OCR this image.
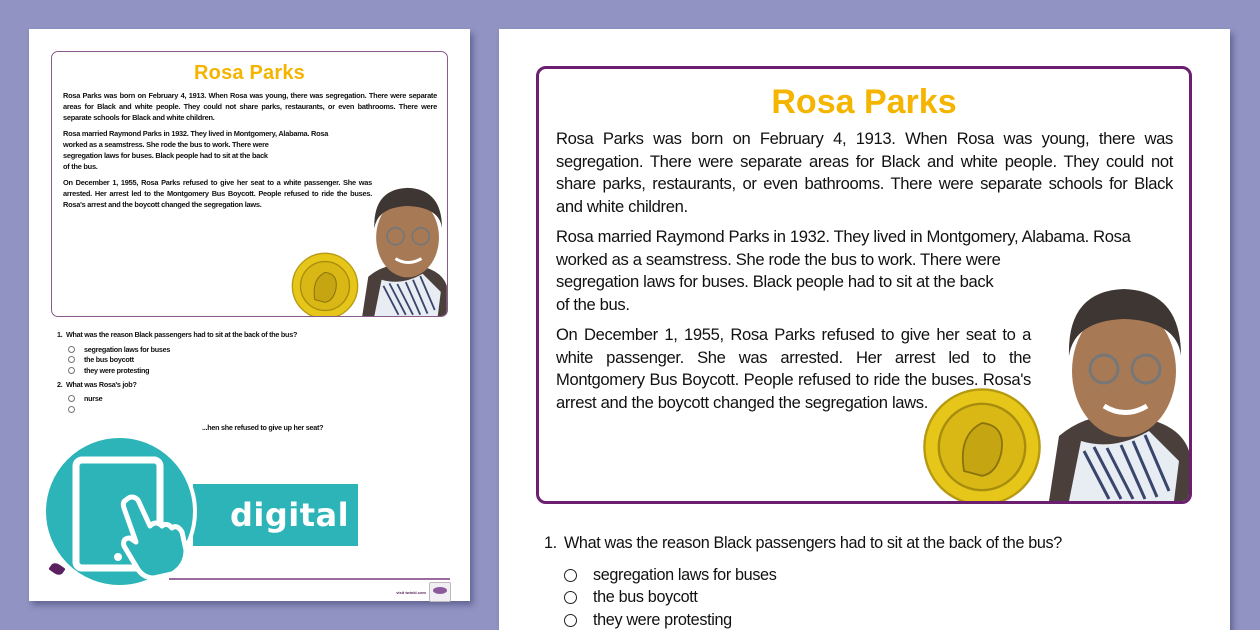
Rosa Parks
Rosa Parks was born on February 4, 1913. When Rosa was young, there was segregation. There were separate areas for Black and white people. They could not share parks, restaurants, or even bathrooms. There were separate schools for Black and white children.
Rosa married Raymond Parks in 1932. They lived in Montgomery, Alabama. Rosa
worked as a seamstress. She rode the bus to work. There were
segregation laws for buses. Black people had to sit at the back
of the bus.
On December 1, 1955, Rosa Parks refused to give her seat to a white passenger. She was arrested. Her arrest led to the Montgomery Bus Boycott. People refused to ride the buses. Rosa's arrest and the boycott changed the segregation laws.
1. What was the reason Black passengers had to sit at the back of the bus?
segregation laws for buses
the bus boycott
they were protesting
2. What was Rosa's job?
nurse
...hen she refused to give up her seat?
visit twinkl.com
digital
Rosa Parks
Rosa Parks was born on February 4, 1913. When Rosa was young, there was segregation. There were separate areas for Black and white people. They could not share parks, restaurants, or even bathrooms. There were separate schools for Black and white children.
Rosa married Raymond Parks in 1932. They lived in Montgomery, Alabama. Rosa
worked as a seamstress. She rode the bus to work. There were
segregation laws for buses. Black people had to sit at the back
of the bus.
On December 1, 1955, Rosa Parks refused to give her seat to a white passenger. She was arrested. Her arrest led to the Montgomery Bus Boycott. People refused to ride the buses. Rosa's arrest and the boycott changed the segregation laws.
1. What was the reason Black passengers had to sit at the back of the bus?
segregation laws for buses
the bus boycott
they were protesting
